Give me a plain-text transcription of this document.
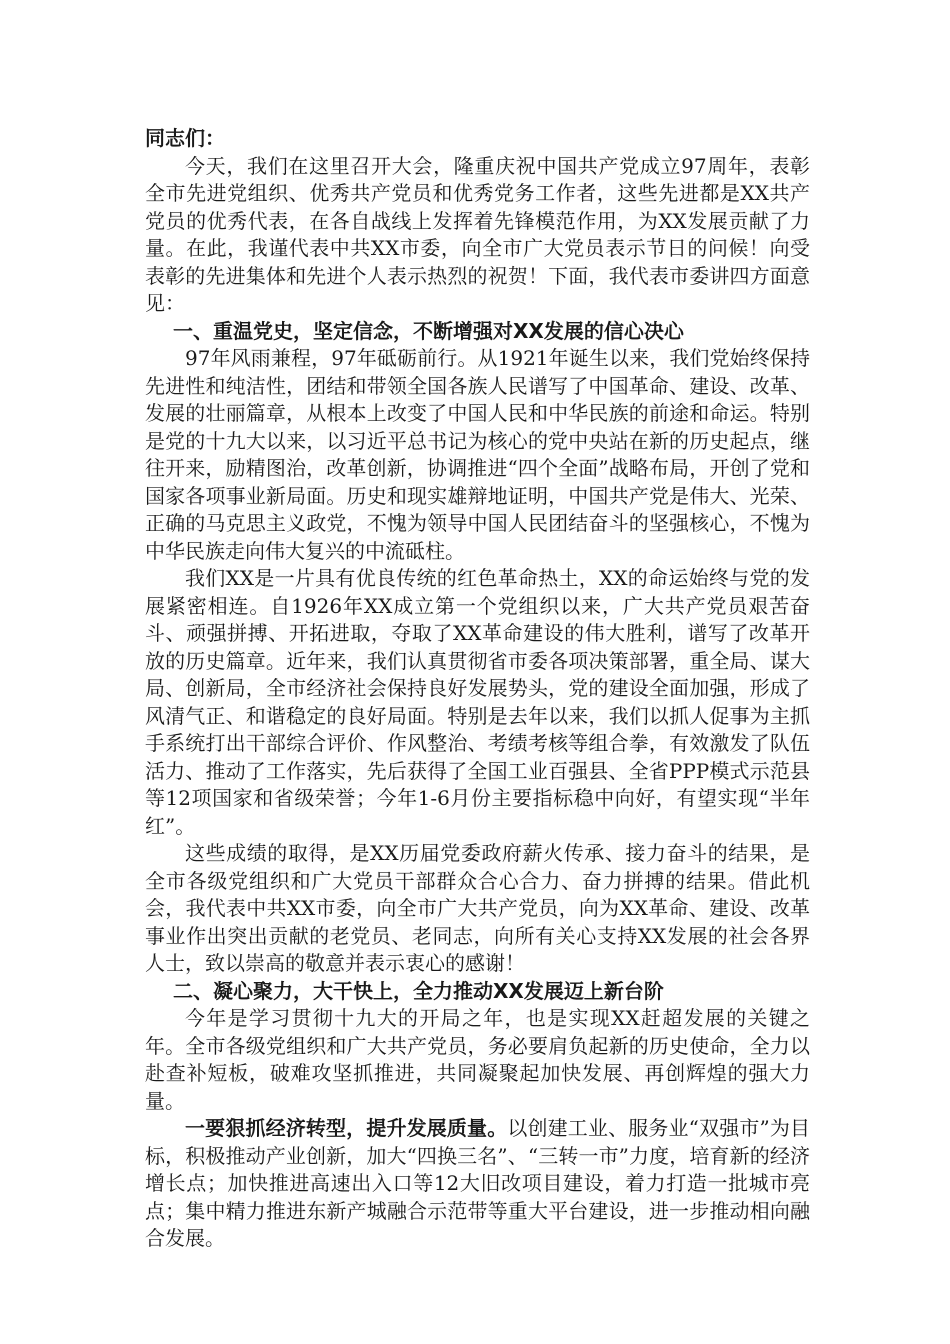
同志们：

今天，我们在这里召开大会，隆重庆祝中国共产党成立97周年，表彰全市先进党组织、优秀共产党员和优秀党务工作者，这些先进都是XX共产党员的优秀代表，在各自战线上发挥着先锋模范作用，为XX发展贡献了力量。在此，我谨代表中共XX市委，向全市广大党员表示节日的问候！向受表彰的先进集体和先进个人表示热烈的祝贺！下面，我代表市委讲四方面意见：

一、重温党史，坚定信念，不断增强对XX发展的信心决心

97年风雨兼程，97年砥砺前行。从1921年诞生以来，我们党始终保持先进性和纯洁性，团结和带领全国各族人民谱写了中国革命、建设、改革、发展的壮丽篇章，从根本上改变了中国人民和中华民族的前途和命运。特别是党的十九大以来，以习近平总书记为核心的党中央站在新的历史起点，继往开来，励精图治，改革创新，协调推进“四个全面”战略布局，开创了党和国家各项事业新局面。历史和现实雄辩地证明，中国共产党是伟大、光荣、正确的马克思主义政党，不愧为领导中国人民团结奋斗的坚强核心，不愧为中华民族走向伟大复兴的中流砥柱。

我们XX是一片具有优良传统的红色革命热土，XX的命运始终与党的发展紧密相连。自1926年XX成立第一个党组织以来，广大共产党员艰苦奋斗、顽强拼搏、开拓进取，夺取了XX革命建设的伟大胜利，谱写了改革开放的历史篇章。近年来，我们认真贯彻省市委各项决策部署，重全局、谋大局、创新局，全市经济社会保持良好发展势头，党的建设全面加强，形成了风清气正、和谐稳定的良好局面。特别是去年以来，我们以抓人促事为主抓手系统打出干部综合评价、作风整治、考绩考核等组合拳，有效激发了队伍活力、推动了工作落实，先后获得了全国工业百强县、全省PPP模式示范县等12项国家和省级荣誉；今年1-6月份主要指标稳中向好，有望实现“半年红”。

这些成绩的取得，是XX历届党委政府薪火传承、接力奋斗的结果，是全市各级党组织和广大党员干部群众合心合力、奋力拼搏的结果。借此机会，我代表中共XX市委，向全市广大共产党员，向为XX革命、建设、改革事业作出突出贡献的老党员、老同志，向所有关心支持XX发展的社会各界人士，致以崇高的敬意并表示衷心的感谢！

二、凝心聚力，大干快上，全力推动XX发展迈上新台阶

今年是学习贯彻十九大的开局之年，也是实现XX赶超发展的关键之年。全市各级党组织和广大共产党员，务必要肩负起新的历史使命，全力以赴查补短板，破难攻坚抓推进，共同凝聚起加快发展、再创辉煌的强大力量。

一要狠抓经济转型，提升发展质量。以创建工业、服务业“双强市”为目标，积极推动产业创新，加大“四换三名”、“三转一市”力度，培育新的经济增长点；加快推进高速出入口等12大旧改项目建设，着力打造一批城市亮点；集中精力推进东新产城融合示范带等重大平台建设，进一步推动相向融合发展。
